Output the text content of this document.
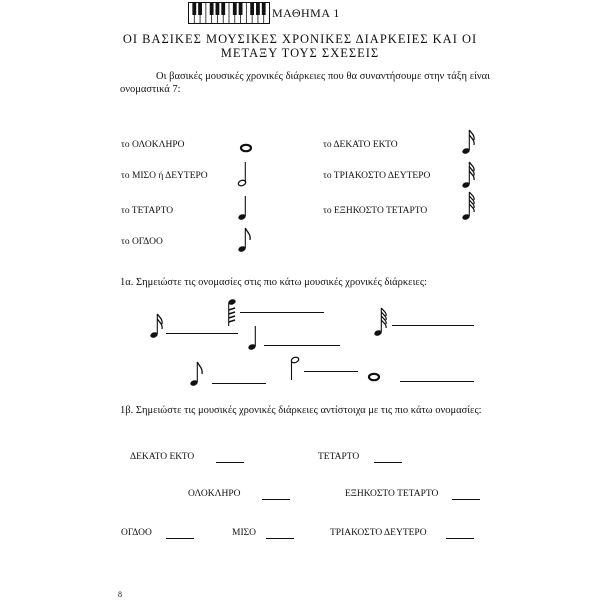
ΜΑΘΗΜΑ 1
ΟΙ ΒΑΣΙΚΕΣ ΜΟΥΣΙΚΕΣ ΧΡΟΝΙΚΕΣ ΔΙΑΡΚΕΙΕΣ ΚΑΙ ΟΙ
ΜΕΤΑΞΥ ΤΟΥΣ ΣΧΕΣΕΙΣ
Οι βασικές μουσικές χρονικές διάρκειες που θα συναντήσουμε στην τάξη είναι ονομαστικά 7:
το ΟΛΟΚΛΗΡΟ
το ΜΙΣΟ ή ΔΕΥΤΕΡΟ
το ΤΕΤΑΡΤΟ
το ΟΓΔΟΟ
το ΔΕΚΑΤΟ ΕΚΤΟ
το ΤΡΙΑΚΟΣΤΟ ΔΕΥΤΕΡΟ
το ΕΞΗΚΟΣΤΟ ΤΕΤΑΡΤΟ
1α. Σημειώστε τις ονομασίες στις πιο κάτω μουσικές χρονικές διάρκειες:
1β. Σημειώστε τις μουσικές χρονικές διάρκειες αντίστοιχα με τις πιο κάτω ονομασίες:
ΔΕΚΑΤΟ ΕΚΤΟ	ΤΕΤΑΡΤΟ
ΟΛΟΚΛΗΡΟ	ΕΞΗΚΟΣΤΟ ΤΕΤΑΡΤΟ
ΟΓΔΟΟ	ΜΙΣΟ	ΤΡΙΑΚΟΣΤΟ ΔΕΥΤΕΡΟ
8
